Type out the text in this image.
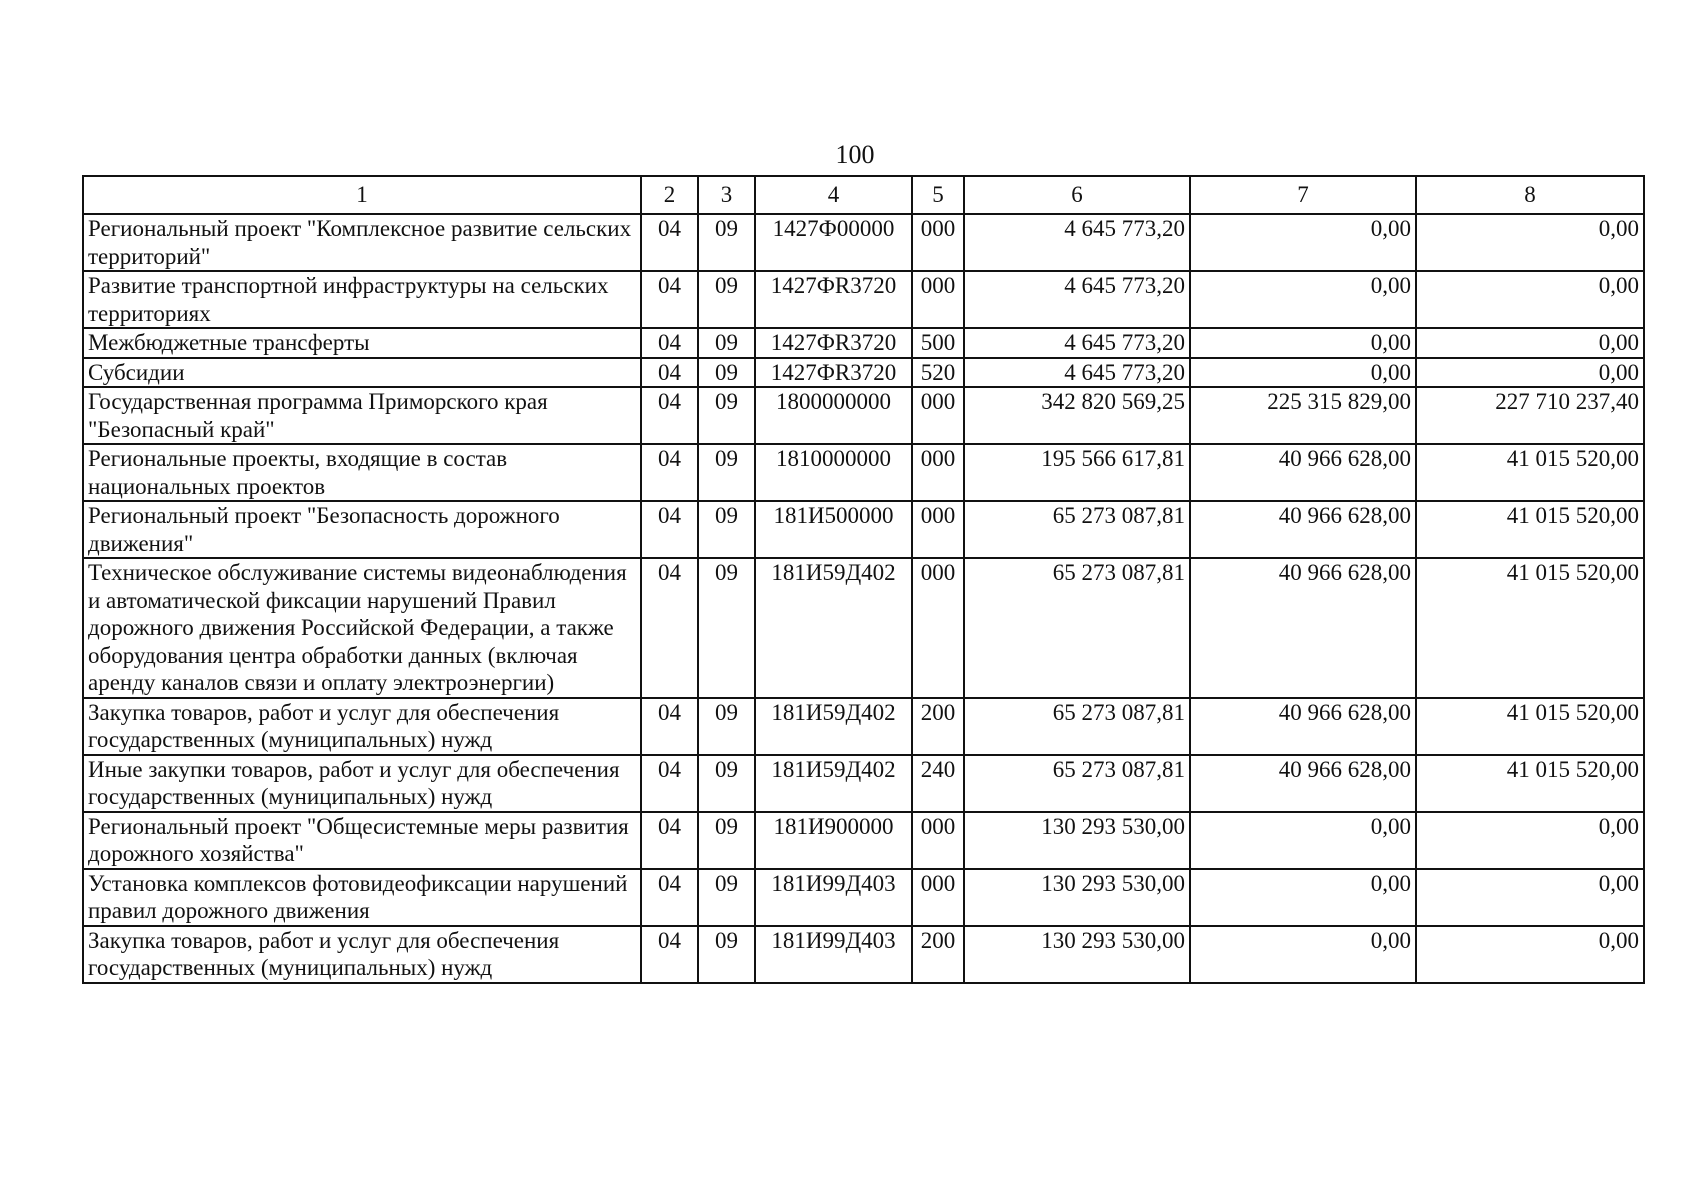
100
1	2	3	4	5	6	7	8
Региональный проект "Комплексное развитие сельских территорий"	04	09	1427Ф00000	000	4 645 773,20	0,00	0,00
Развитие транспортной инфраструктуры на сельских территориях	04	09	1427ФR3720	000	4 645 773,20	0,00	0,00
Межбюджетные трансферты	04	09	1427ФR3720	500	4 645 773,20	0,00	0,00
Субсидии	04	09	1427ФR3720	520	4 645 773,20	0,00	0,00
Государственная программа Приморского края "Безопасный край"	04	09	1800000000	000	342 820 569,25	225 315 829,00	227 710 237,40
Региональные проекты, входящие в состав национальных проектов	04	09	1810000000	000	195 566 617,81	40 966 628,00	41 015 520,00
Региональный проект "Безопасность дорожного движения"	04	09	181И500000	000	65 273 087,81	40 966 628,00	41 015 520,00
Техническое обслуживание системы видеонаблюдения и автоматической фиксации нарушений Правил дорожного движения Российской Федерации, а также оборудования центра обработки данных (включая аренду каналов связи и оплату электроэнергии)	04	09	181И59Д402	000	65 273 087,81	40 966 628,00	41 015 520,00
Закупка товаров, работ и услуг для обеспечения государственных (муниципальных) нужд	04	09	181И59Д402	200	65 273 087,81	40 966 628,00	41 015 520,00
Иные закупки товаров, работ и услуг для обеспечения государственных (муниципальных) нужд	04	09	181И59Д402	240	65 273 087,81	40 966 628,00	41 015 520,00
Региональный проект "Общесистемные меры развития дорожного хозяйства"	04	09	181И900000	000	130 293 530,00	0,00	0,00
Установка комплексов фотовидеофиксации нарушений правил дорожного движения	04	09	181И99Д403	000	130 293 530,00	0,00	0,00
Закупка товаров, работ и услуг для обеспечения государственных (муниципальных) нужд	04	09	181И99Д403	200	130 293 530,00	0,00	0,00
